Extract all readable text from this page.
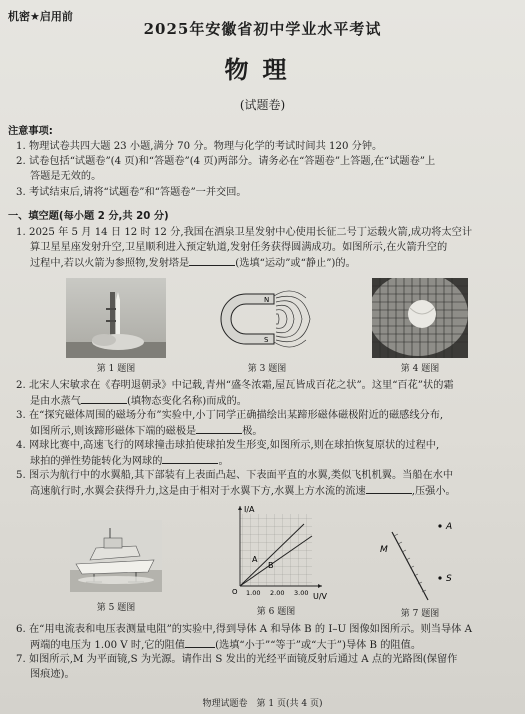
机密★启用前
2025年安徽省初中学业水平考试
物理
(试题卷)
注意事项:
1. 物理试卷共四大题 23 小题,满分 70 分。物理与化学的考试时间共 120 分钟。
2. 试卷包括“试题卷”(4 页)和“答题卷”(4 页)两部分。请务必在“答题卷”上答题,在“试题卷”上
答题是无效的。
3. 考试结束后,请将“试题卷”和“答题卷”一并交回。
一、填空题(每小题 2 分,共 20 分)
1. 2025 年 5 月 14 日 12 时 12 分,我国在酒泉卫星发射中心使用长征二号丁运载火箭,成功将太空计
算卫星星座发射升空,卫星顺利进入预定轨道,发射任务获得圆满成功。如图所示,在火箭升空的
过程中,若以火箭为参照物,发射塔是	(选填“运动”或“静止”)的。
第 1 题图
N
S
第 3 题图	第 4 题图
2. 北宋人宋敏求在《春明退朝录》中记载,青州“盛冬浓霜,屋瓦皆成百花之状”。这里“百花”状的霜
是由水蒸气	(填物态变化名称)而成的。
3. 在“探究磁体周围的磁场分布”实验中,小丁同学正确描绘出某蹄形磁体磁极附近的磁感线分布,
如图所示,则该蹄形磁体下端的磁极是	极。
4. 网球比赛中,高速飞行的网球撞击球拍使球拍发生形变,如图所示,则在球拍恢复原状的过程中,
球拍的弹性势能转化为网球的	。
5. 图示为航行中的水翼船,其下部装有上表面凸起、下表面平直的水翼,类似飞机机翼。当船在水中
高速航行时,水翼会获得升力,这是由于相对于水翼下方,水翼上方水流的流速	,压强小。
第 5 题图
I/A
U/V
O
A
B
1.00 2.00 3.00
第 6 题图
M
A
S
第 7 题图
6. 在“用电流表和电压表测量电阻”的实验中,得到导体 A 和导体 B 的 I–U 图像如图所示。则当导体 A
两端的电压为 1.00 V 时,它的阻值	(选填“小于”“等于”或“大于”)导体 B 的阻值。
7. 如图所示,M 为平面镜,S 为光源。请作出 S 发出的光经平面镜反射后通过 A 点的光路图(保留作
图痕迹)。
物理试题卷　第 1 页(共 4 页)
